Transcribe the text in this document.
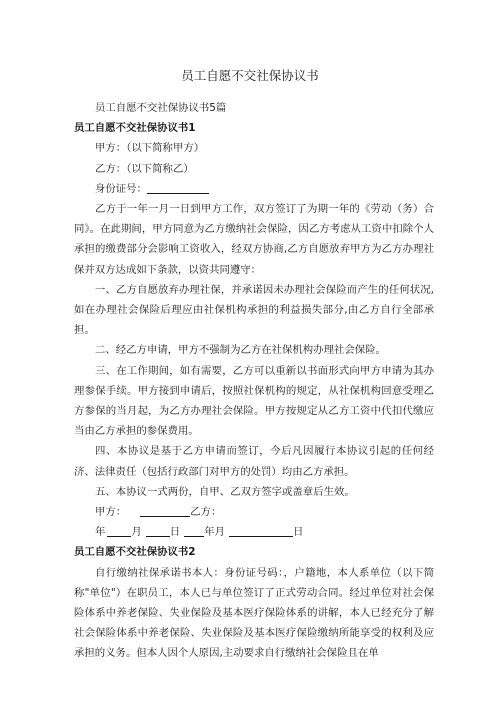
员工自愿不交社保协议书

员工自愿不交社保协议书5篇

员工自愿不交社保协议书1

甲方：（以下简称甲方）

乙方：（以下简称乙）

身份证号：

乙方于一年一月一日到甲方工作，双方签订了为期一年的《劳动（务）合同》。在此期间，甲方同意为乙方缴纳社会保险，因乙方考虑从工资中扣除个人承担的缴费部分会影响工资收入，经双方协商,乙方自愿放弃甲方为乙方办理社保并双方达成如下条款，以资共同遵守：

一、乙方自愿放弃办理社保，并承诺因未办理社会保险而产生的任何状况,如在办理社会保险后理应由社保机构承担的利益损失部分,由乙方自行全部承担。

二、经乙方申请，甲方不强制为乙方在社保机构办理社会保险。

三、在工作期间，如有需要，乙方可以重新以书面形式向甲方申请为其办理参保手续。甲方接到申请后，按照社保机构的规定，从社保机构回意受理乙方参保的当月起，为乙方办理社会保险。甲方按规定从乙方工资中代扣代缴应当由乙方承担的参保费用。

四、本协议是基于乙方申请而签订，今后凡因履行本协议引起的任何经济、法律责任（包括行政部门对甲方的处罚）均由乙方承担。

五、本协议一式两份，自甲、乙双方签字或盖章后生效。

甲方：	乙方：

年	月	日 年月	日

员工自愿不交社保协议书2

自行缴纳社保承诺书本人：身份证号码：，户籍地，本人系单位（以下简称"单位"）在职员工，本人已与单位签订了正式劳动合同。经过单位对社会保险体系中养老保险、失业保险及基本医疗保险体系的讲解，本人已经充分了解社会保险体系中养老保险、失业保险及基本医疗保险缴纳所能享受的权利及应承担的义务。但本人因个人原因,主动要求自行缴纳社会保险且在单
